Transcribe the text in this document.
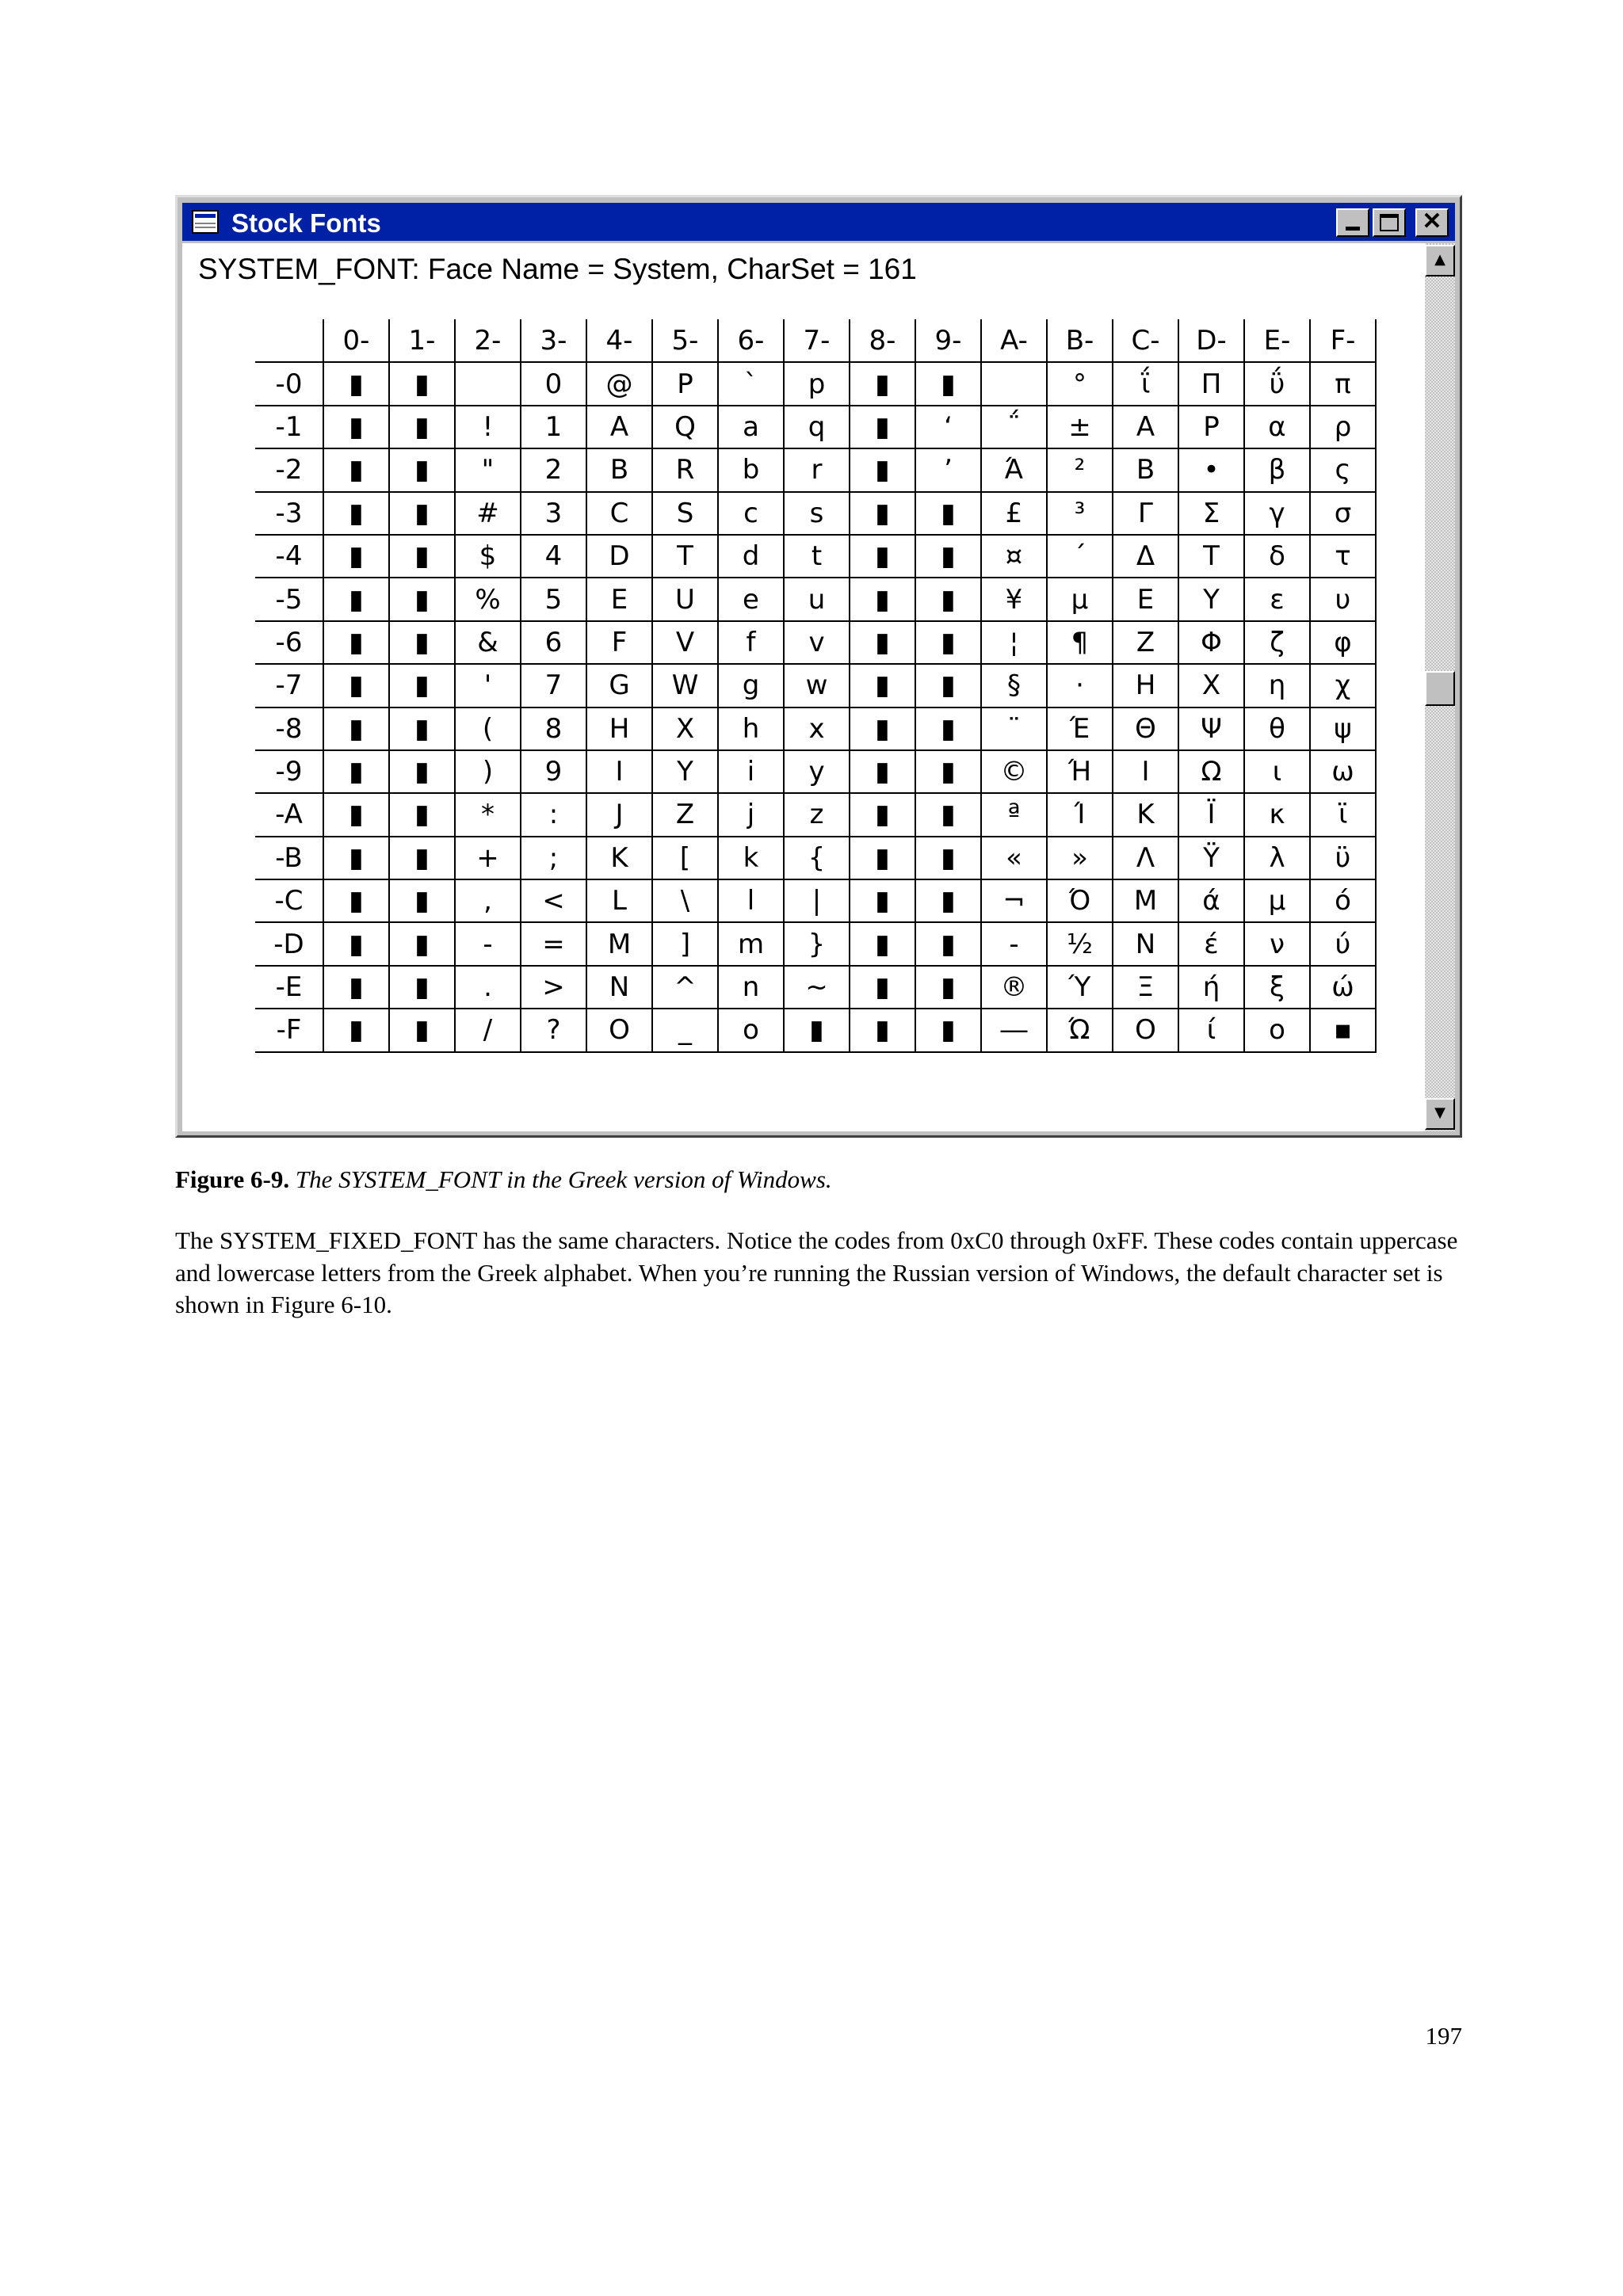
Stock Fonts	✕
SYSTEM_FONT: Face Name = System, CharSet = 161
	0-	1-	2-	3-	4-	5-	6-	7-	8-	9-	A-	B-	C-	D-	E-	F-
-0	▮	▮		0	@	P	`	p	▮	▮		°	ΐ	Π	ΰ	π
-1	▮	▮	!	1	A	Q	a	q	▮	‘	΅	±	Α	Ρ	α	ρ
-2	▮	▮	"	2	B	R	b	r	▮	’	Ά	²	Β	•	β	ς
-3	▮	▮	#	3	C	S	c	s	▮	▮	£	³	Γ	Σ	γ	σ
-4	▮	▮	$	4	D	T	d	t	▮	▮	¤	΄	Δ	Τ	δ	τ
-5	▮	▮	%	5	E	U	e	u	▮	▮	¥	µ	Ε	Υ	ε	υ
-6	▮	▮	&	6	F	V	f	v	▮	▮	¦	¶	Ζ	Φ	ζ	φ
-7	▮	▮	'	7	G	W	g	w	▮	▮	§	·	Η	Χ	η	χ
-8	▮	▮	(	8	H	X	h	x	▮	▮	¨	Έ	Θ	Ψ	θ	ψ
-9	▮	▮	)	9	I	Y	i	y	▮	▮	©	Ή	Ι	Ω	ι	ω
-A	▮	▮	*	:	J	Z	j	z	▮	▮	ª	Ί	Κ	Ϊ	κ	ϊ
-B	▮	▮	+	;	K	[	k	{	▮	▮	«	»	Λ	Ϋ	λ	ϋ
-C	▮	▮	,	<	L	\	l	|	▮	▮	¬	Ό	Μ	ά	μ	ό
-D	▮	▮	-	=	M	]	m	}	▮	▮	-	½	Ν	έ	ν	ύ
-E	▮	▮	.	>	N	^	n	~	▮	▮	®	Ύ	Ξ	ή	ξ	ώ
-F	▮	▮	/	?	O	_	o	▮	▮	▮	―	Ώ	Ο	ί	ο	▪
▲
▼
Figure 6-9. The SYSTEM_FONT in the Greek version of Windows.
The SYSTEM_FIXED_FONT has the same characters. Notice the codes from 0xC0 through 0xFF. These codes contain uppercase and lowercase letters from the Greek alphabet. When you’re running the Russian version of Windows, the default character set is shown in Figure 6-10.
197
